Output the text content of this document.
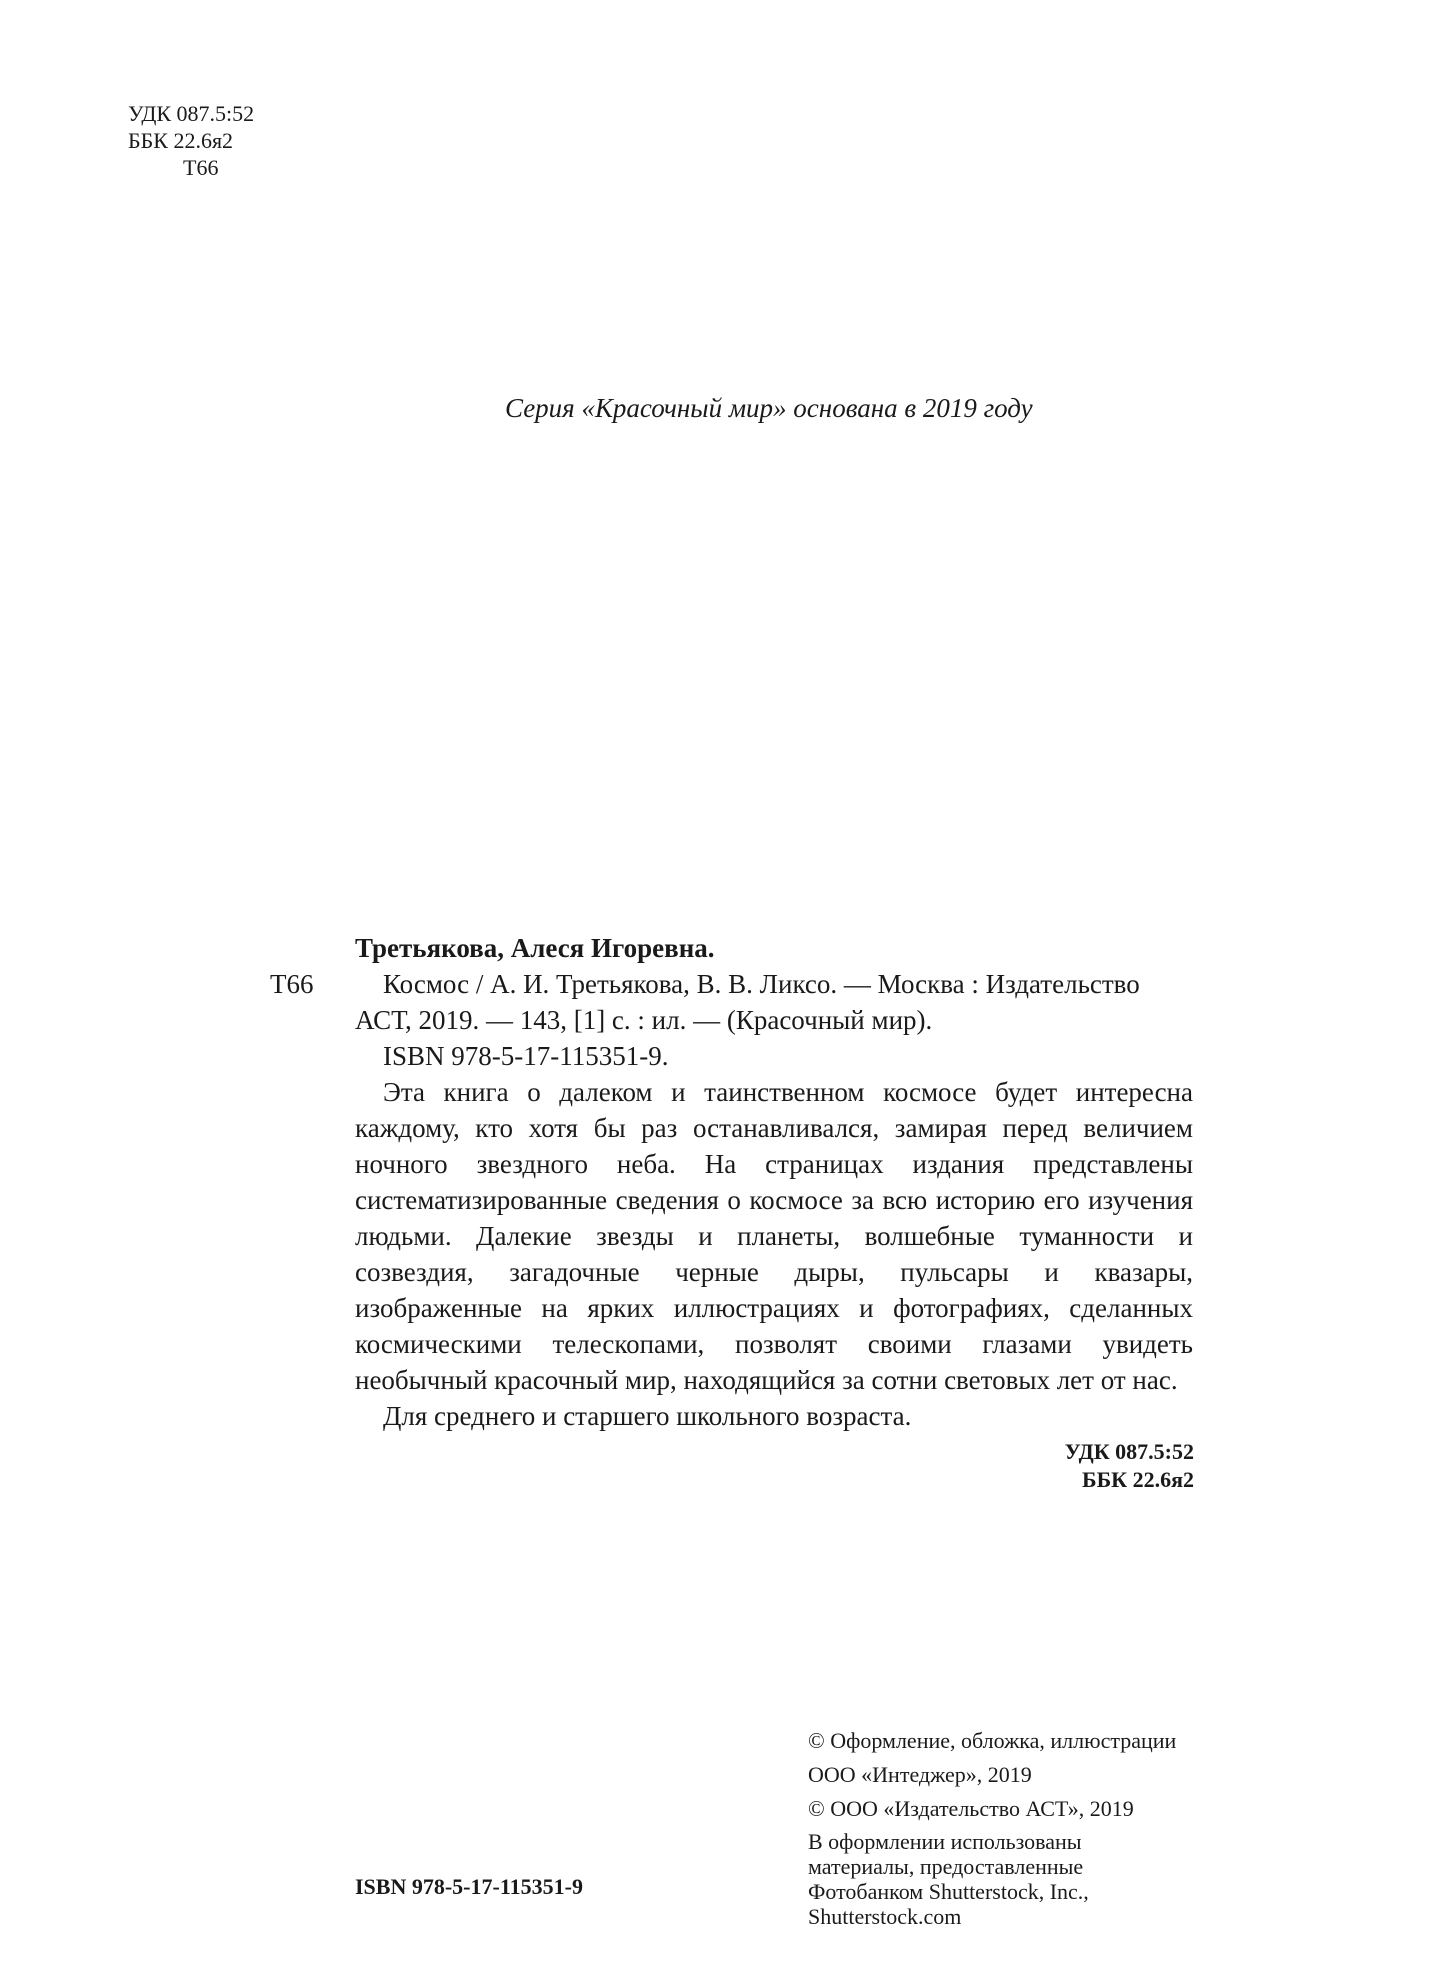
УДК 087.5:52
ББК 22.6я2
Т66
Серия «Красочный мир» основана в 2019 году
Т66
Третьякова, Алеся Игоревна.
Космос / А. И. Третьякова, В. В. Ликсо. — Москва : Издательство
АСТ, 2019. — 143, [1] с. : ил. — (Красочный мир).
ISBN 978-5-17-115351-9.
Эта книга о далеком и таинственном космосе будет интересна каждому, кто хотя бы раз останавливался, замирая перед величием ночного звездного неба. На страницах издания представлены систематизированные сведения о космосе за всю историю его изучения людьми. Далекие звезды и планеты, волшебные туманности и созвездия, загадочные черные дыры, пульсары и квазары, изображенные на ярких иллюстрациях и фотографиях, сделанных космическими телескопами, позволят своими глазами увидеть необычный красочный мир, находящийся за сотни световых лет от нас.
Для среднего и старшего школьного возраста.
УДК 087.5:52
ББК 22.6я2
© Оформление, обложка, иллюстрации
ООО «Интеджер», 2019
© ООО «Издательство АСТ», 2019
В оформлении использованы
материалы, предоставленные
Фотобанком Shutterstock, Inc.,
Shutterstock.com
ISBN 978-5-17-115351-9
